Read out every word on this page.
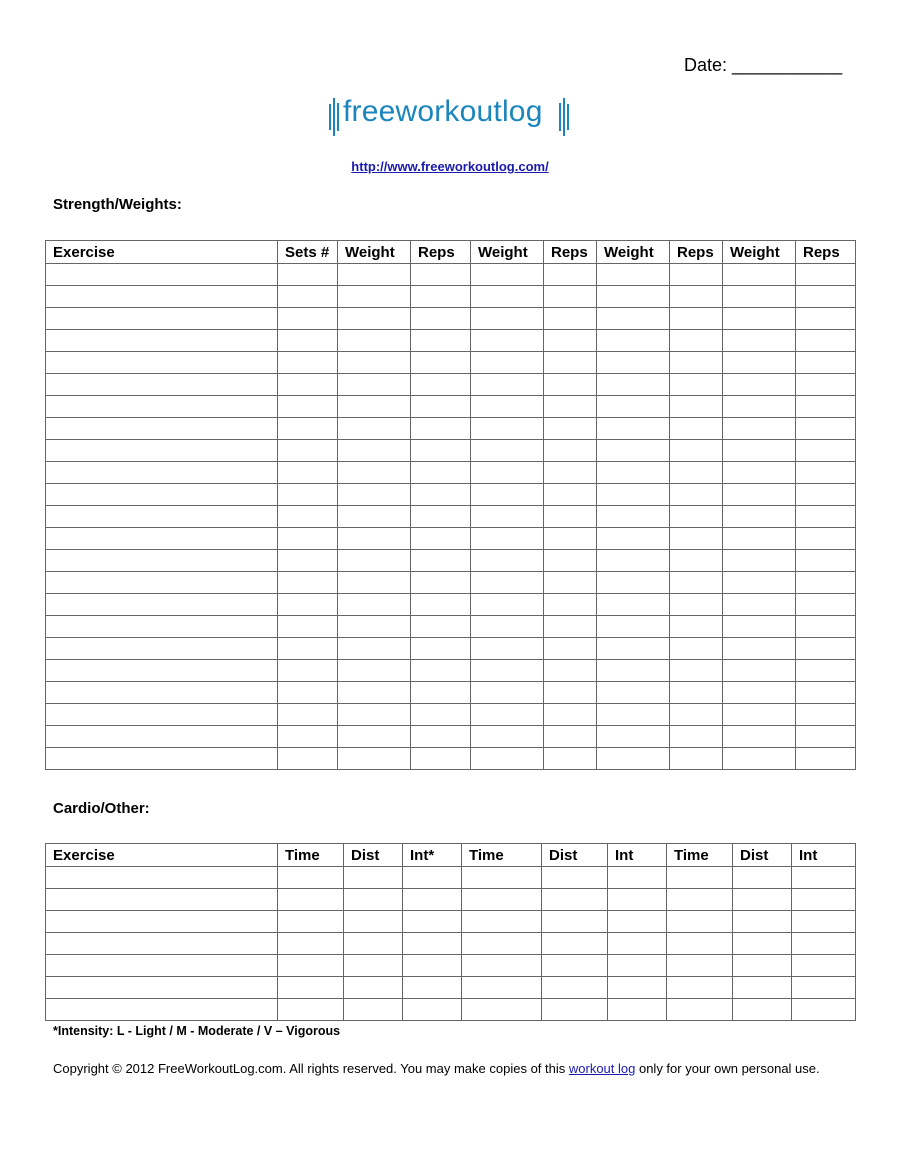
Date: ___________
freeworkoutlog
http://www.freeworkoutlog.com/
Strength/Weights:
Exercise	Sets #	Weight	Reps	Weight	Reps	Weight	Reps	Weight	Reps

Cardio/Other:
Exercise	Time	Dist	Int*	Time	Dist	Int	Time	Dist	Int

*Intensity: L - Light / M - Moderate / V – Vigorous
Copyright © 2012 FreeWorkoutLog.com. All rights reserved. You may make copies of this workout log only for your own personal use.
